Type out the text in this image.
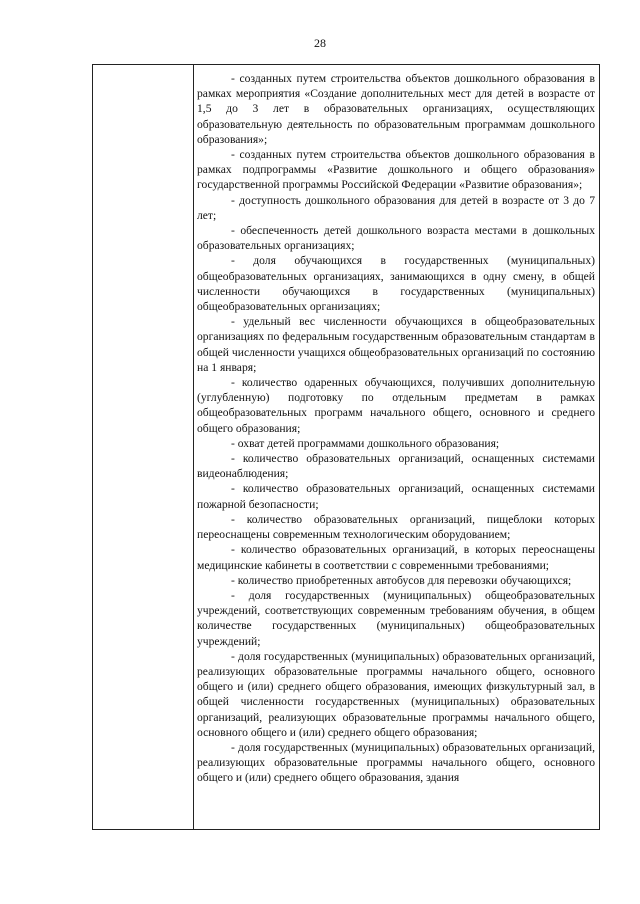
28

- созданных путем строительства объектов дошкольного образования в рамках мероприятия «Создание дополнительных мест для детей в возрасте от 1,5 до 3 лет в образовательных организациях, осуществляющих образовательную деятельность по образовательным программам дошкольного образования»;

- созданных путем строительства объектов дошкольного образования в рамках подпрограммы «Развитие дошкольного и общего образования» государственной программы Российской Федерации «Развитие образования»;

- доступность дошкольного образования для детей в возрасте от 3 до 7 лет;

- обеспеченность детей дошкольного возраста местами в дошкольных образовательных организациях;

- доля обучающихся в государственных (муниципальных) общеобразовательных организациях, занимающихся в одну смену, в общей численности обучающихся в государственных (муниципальных) общеобразовательных организациях;

- удельный вес численности обучающихся в общеобразовательных организациях по федеральным государственным образовательным стандартам в общей численности учащихся общеобразовательных организаций по состоянию на 1 января;

- количество одаренных обучающихся, получивших дополнительную (углубленную) подготовку по отдельным предметам в рамках общеобразовательных программ начального общего, основного и среднего общего образования;

- охват детей программами дошкольного образования;

- количество образовательных организаций, оснащенных системами видеонаблюдения;

- количество образовательных организаций, оснащенных системами пожарной безопасности;

- количество образовательных организаций, пищеблоки которых переоснащены современным технологическим оборудованием;

- количество образовательных организаций, в которых переоснащены медицинские кабинеты в соответствии с современными требованиями;

- количество приобретенных автобусов для перевозки обучающихся;

- доля государственных (муниципальных) общеобразовательных учреждений, соответствующих современным требованиям обучения, в общем количестве государственных (муниципальных) общеобразовательных учреждений;

- доля государственных (муниципальных) образовательных организаций, реализующих образовательные программы начального общего, основного общего и (или) среднего общего образования, имеющих физкультурный зал, в общей численности государственных (муниципальных) образовательных организаций, реализующих образовательные программы начального общего, основного общего и (или) среднего общего образования;

- доля государственных (муниципальных) образовательных организаций, реализующих образовательные программы начального общего, основного общего и (или) среднего общего образования, здания
